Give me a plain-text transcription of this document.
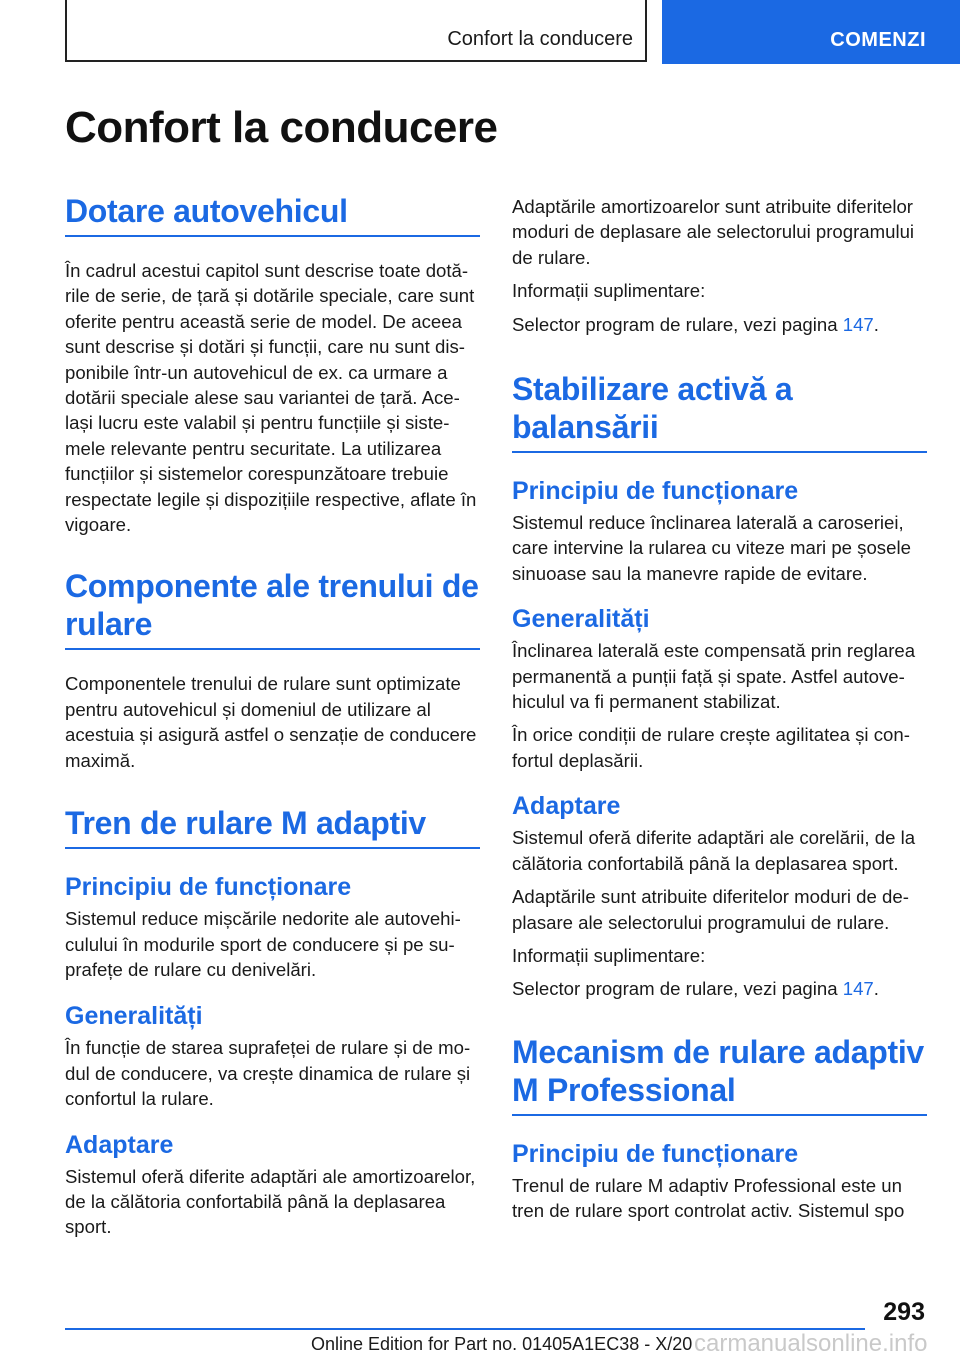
Confort la conducere	COMENZI
Confort la conducere
Dotare autovehicul

În cadrul acestui capitol sunt descrise toate dotările de serie, de țară și dotările speciale, care sunt oferite pentru această serie de model. De aceea sunt descrise și dotări și funcții, care nu sunt disponibile într‑un autovehicul de ex. ca urmare a dotării speciale alese sau variantei de țară. Același lucru este valabil și pentru funcțiile și sistemele relevante pentru securitate. La utilizarea funcțiilor și sistemelor corespunzătoare trebuie respectate legile și dispozițiile respective, aflate în vigoare.

Componente ale trenului de rulare

Componentele trenului de rulare sunt optimizate pentru autovehicul și domeniul de utilizare al acestuia și asigură astfel o senzație de conducere maximă.

Tren de rulare M adaptiv
Principiu de funcționare

Sistemul reduce mișcările nedorite ale autovehiculului în modurile sport de conducere și pe suprafețe de rulare cu denivelări.

Generalități

În funcție de starea suprafeței de rulare și de modul de conducere, va crește dinamica de rulare și confortul la rulare.

Adaptare

Sistemul oferă diferite adaptări ale amortizoarelor, de la călătoria confortabilă până la deplasarea sport.

Adaptările amortizoarelor sunt atribuite diferitelor moduri de deplasare ale selectorului programului de rulare.

Informații suplimentare:

Selector program de rulare, vezi pagina 147.

Stabilizare activă a balansării
Principiu de funcționare

Sistemul reduce înclinarea laterală a caroseriei, care intervine la rularea cu viteze mari pe șosele sinuoase sau la manevre rapide de evitare.

Generalități

Înclinarea laterală este compensată prin reglarea permanentă a punții față și spate. Astfel autovehiculul va fi permanent stabilizat.

În orice condiții de rulare crește agilitatea și confortul deplasării.

Adaptare

Sistemul oferă diferite adaptări ale corelării, de la călătoria confortabilă până la deplasarea sport.

Adaptările sunt atribuite diferitelor moduri de deplasare ale selectorului programului de rulare.

Informații suplimentare:

Selector program de rulare, vezi pagina 147.

Mecanism de rulare adaptiv M Professional
Principiu de funcționare

Trenul de rulare M adaptiv Professional este un tren de rulare sport controlat activ. Sistemul spo

293
Online Edition for Part no. 01405A1EC38 - X/20 carmanualsonline.info
